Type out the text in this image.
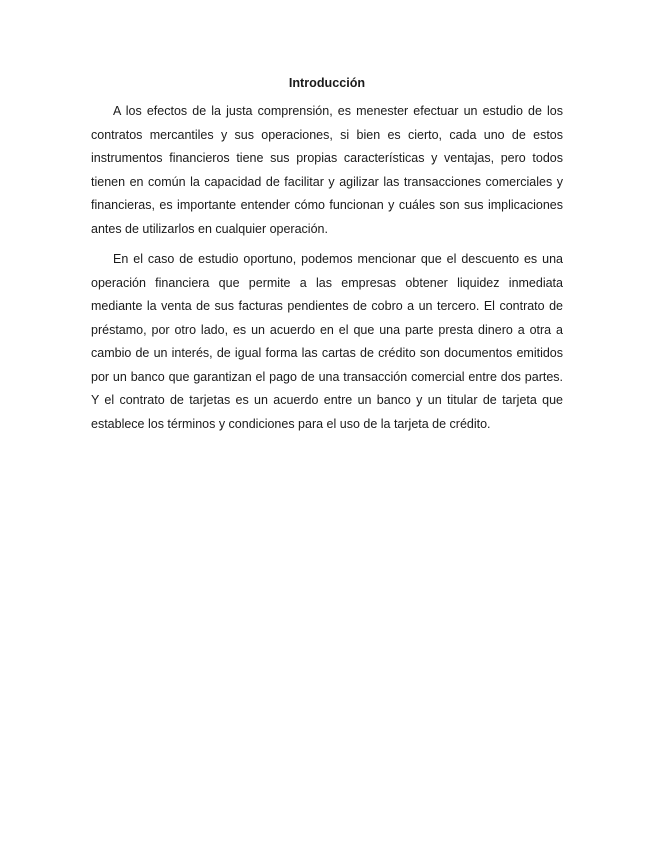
Introducción

A los efectos de la justa comprensión, es menester efectuar un estudio de los contratos mercantiles y sus operaciones, si bien es cierto, cada uno de estos instrumentos financieros tiene sus propias características y ventajas, pero todos tienen en común la capacidad de facilitar y agilizar las transacciones comerciales y financieras, es importante entender cómo funcionan y cuáles son sus implicaciones antes de utilizarlos en cualquier operación.

En el caso de estudio oportuno, podemos mencionar que el descuento es una operación financiera que permite a las empresas obtener liquidez inmediata mediante la venta de sus facturas pendientes de cobro a un tercero. El contrato de préstamo, por otro lado, es un acuerdo en el que una parte presta dinero a otra a cambio de un interés, de igual forma las cartas de crédito son documentos emitidos por un banco que garantizan el pago de una transacción comercial entre dos partes. Y el contrato de tarjetas es un acuerdo entre un banco y un titular de tarjeta que establece los términos y condiciones para el uso de la tarjeta de crédito.
